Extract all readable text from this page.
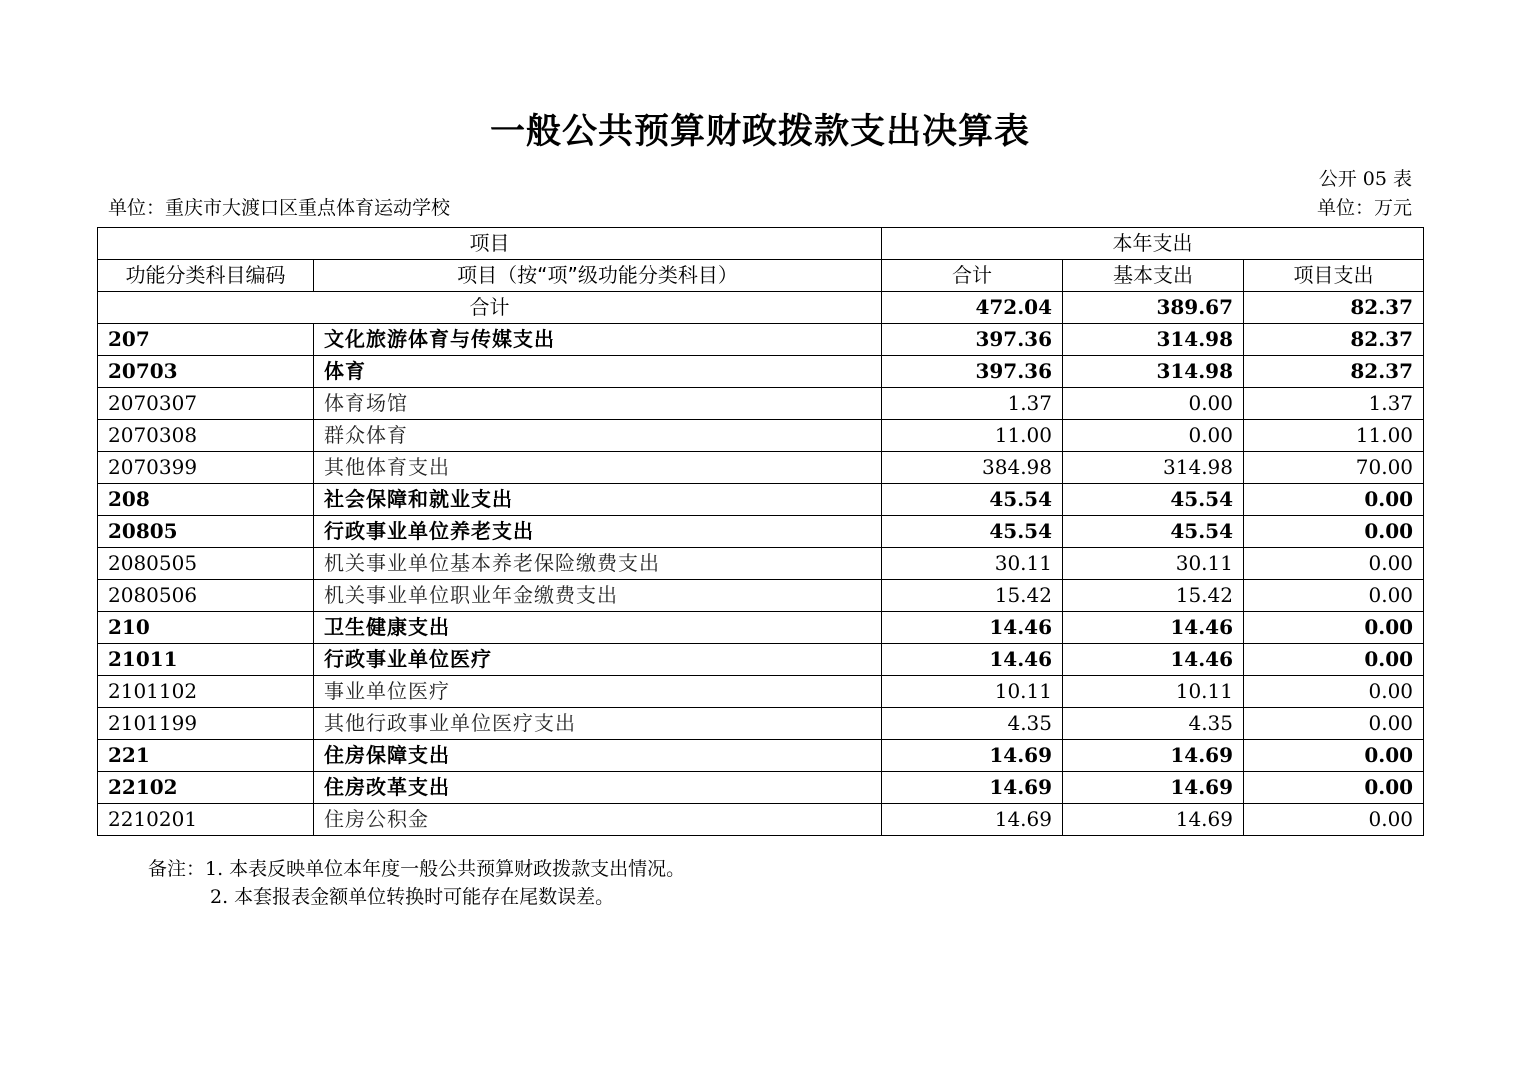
一般公共预算财政拨款支出决算表
公开 05 表
单位：重庆市大渡口区重点体育运动学校	单位：万元
项目		本年支出		
功能分类科目编码	项目（按“项”级功能分类科目）	合计	基本支出	项目支出
合计		472.04	389.67	82.37
207	文化旅游体育与传媒支出	397.36	314.98	82.37
20703	体育	397.36	314.98	82.37
2070307	体育场馆	1.37	0.00	1.37
2070308	群众体育	11.00	0.00	11.00
2070399	其他体育支出	384.98	314.98	70.00
208	社会保障和就业支出	45.54	45.54	0.00
20805	行政事业单位养老支出	45.54	45.54	0.00
2080505	机关事业单位基本养老保险缴费支出	30.11	30.11	0.00
2080506	机关事业单位职业年金缴费支出	15.42	15.42	0.00
210	卫生健康支出	14.46	14.46	0.00
21011	行政事业单位医疗	14.46	14.46	0.00
2101102	事业单位医疗	10.11	10.11	0.00
2101199	其他行政事业单位医疗支出	4.35	4.35	0.00
221	住房保障支出	14.69	14.69	0.00
22102	住房改革支出	14.69	14.69	0.00
2210201	住房公积金	14.69	14.69	0.00
备注：1. 本表反映单位本年度一般公共预算财政拨款支出情况。
2. 本套报表金额单位转换时可能存在尾数误差。
